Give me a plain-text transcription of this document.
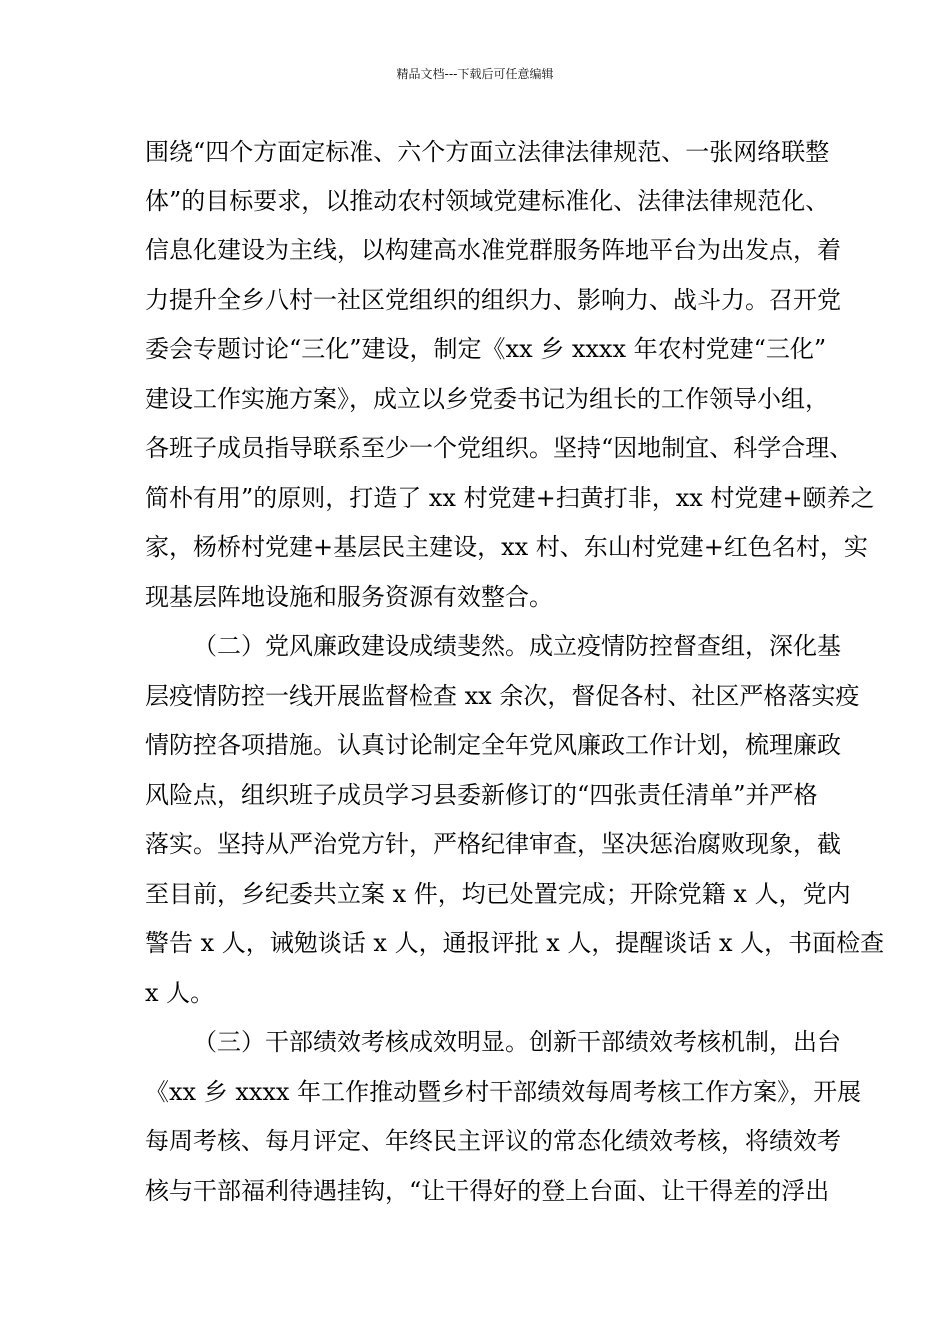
精品文档---下载后可任意编辑
围绕“四个方面定标准、六个方面立法律法律规范、一张网络联整
体”的目标要求，以推动农村领域党建标准化、法律法律规范化、
信息化建设为主线，以构建高水准党群服务阵地平台为出发点，着
力提升全乡八村一社区党组织的组织力、影响力、战斗力。召开党
委会专题讨论“三化”建设，制定《xx 乡 xxxx 年农村党建“三化”
建设工作实施方案》，成立以乡党委书记为组长的工作领导小组，
各班子成员指导联系至少一个党组织。坚持“因地制宜、科学合理、
简朴有用”的原则，打造了 xx 村党建+扫黄打非，xx 村党建+颐养之
家，杨桥村党建+基层民主建设，xx 村、东山村党建+红色名村，实
现基层阵地设施和服务资源有效整合。
（二）党风廉政建设成绩斐然。成立疫情防控督查组，深化基
层疫情防控一线开展监督检查 xx 余次，督促各村、社区严格落实疫
情防控各项措施。认真讨论制定全年党风廉政工作计划，梳理廉政
风险点，组织班子成员学习县委新修订的“四张责任清单”并严格
落实。坚持从严治党方针，严格纪律审查，坚决惩治腐败现象，截
至目前，乡纪委共立案 x 件，均已处置完成；开除党籍 x 人，党内
警告 x 人，诫勉谈话 x 人，通报评批 x 人，提醒谈话 x 人，书面检查
x 人。
（三）干部绩效考核成效明显。创新干部绩效考核机制，出台
《xx 乡 xxxx 年工作推动暨乡村干部绩效每周考核工作方案》，开展
每周考核、每月评定、年终民主评议的常态化绩效考核，将绩效考
核与干部福利待遇挂钩，“让干得好的登上台面、让干得差的浮出
